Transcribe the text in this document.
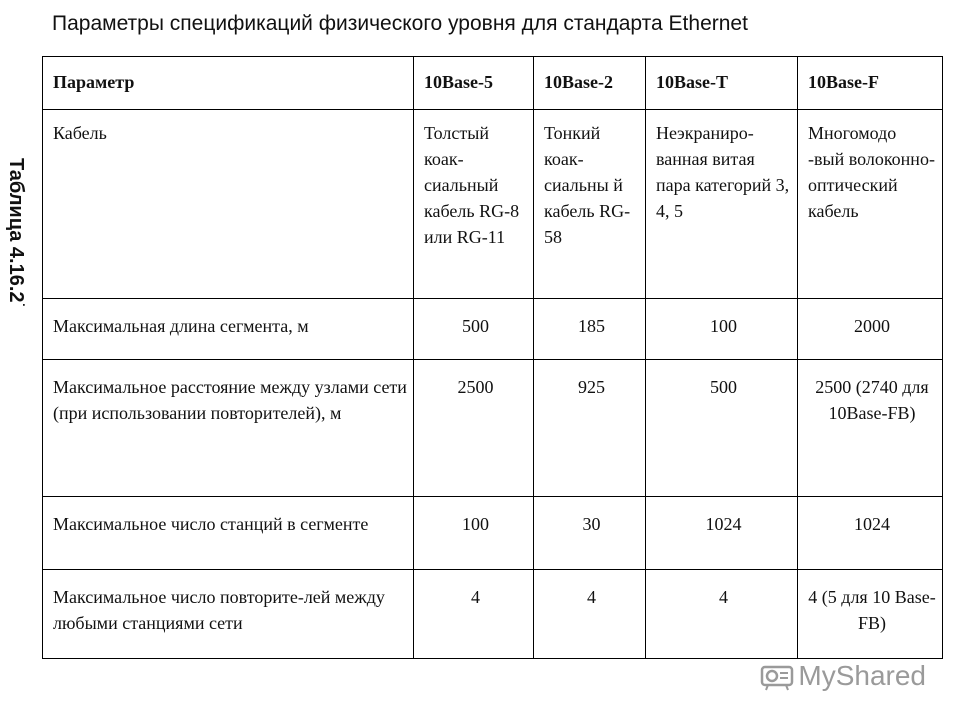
Параметры спецификаций физического уровня для стандарта Ethernet
Таблица 4.16.2˙
Параметр	10Base-5	10Base-2	10Base-T	10Base-F
Кабель	Толстый коак-сиальный кабель RG-8 или RG-11	Тонкий коак-сиальны й кабель RG-58	Неэкраниро-ванная витая пара категорий 3, 4, 5	Многомодо -вый волоконно-оптический кабель
Максимальная длина сегмента, м	500	185	100	2000
Максимальное расстояние между узлами сети (при использовании повторителей), м	2500	925	500	2500 (2740 для 10Base-FB)
Максимальное число станций в сегменте	100	30	1024	1024
Максимальное число повторите-лей между любыми станциями сети	4	4	4	4 (5 для 10 Base-FB)
MyShared
